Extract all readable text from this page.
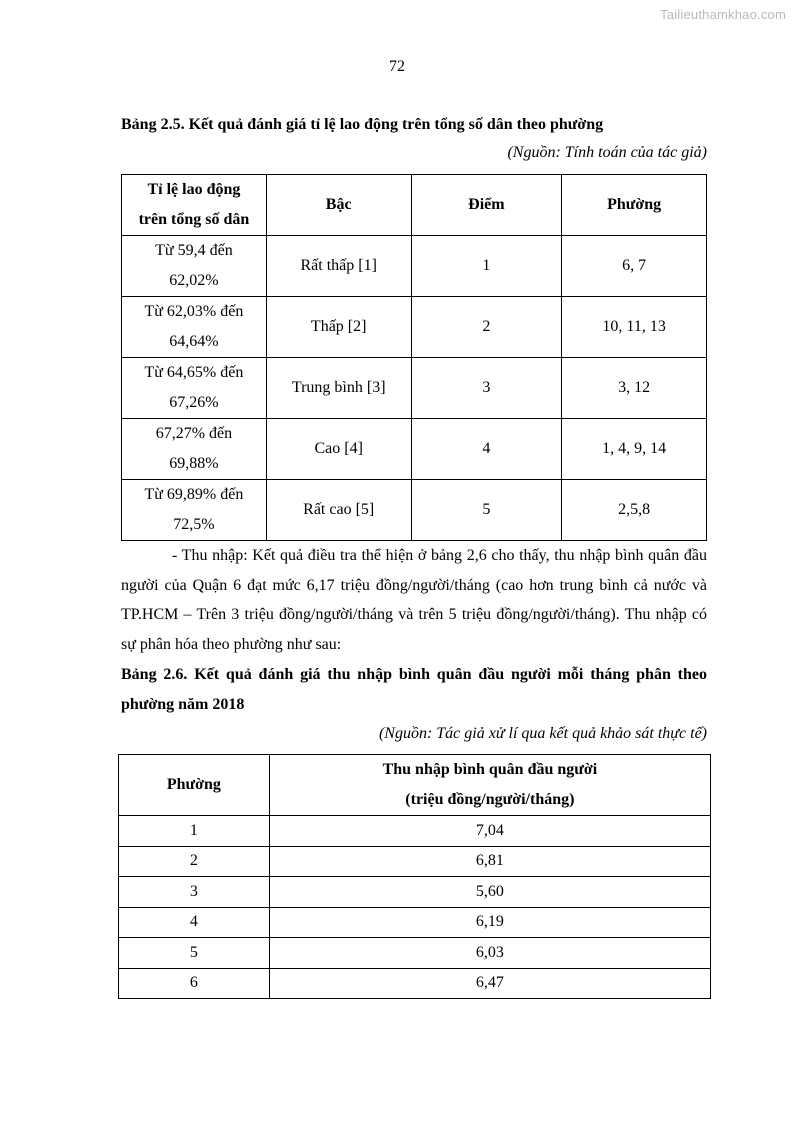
Tailieuthamkhao.com
72
Bảng 2.5. Kết quả đánh giá tỉ lệ lao động trên tổng số dân theo phường
(Nguồn: Tính toán của tác giả)
Tỉ lệ lao động trên tổng số dân	Bậc	Điểm	Phường
Từ 59,4 đến 62,02%	Rất thấp [1]	1	6, 7
Từ 62,03% đến 64,64%	Thấp [2]	2	10, 11, 13
Từ 64,65% đến 67,26%	Trung bình [3]	3	3, 12
67,27% đến 69,88%	Cao [4]	4	1, 4, 9, 14
Từ 69,89% đến 72,5%	Rất cao [5]	5	2,5,8
- Thu nhập: Kết quả điều tra thể hiện ở bảng 2,6 cho thấy, thu nhập bình quân đầu người của Quận 6 đạt mức 6,17 triệu đồng/người/tháng (cao hơn trung bình cả nước và TP.HCM – Trên 3 triệu đồng/người/tháng và trên 5 triệu đồng/người/tháng). Thu nhập có sự phân hóa theo phường như sau:
Bảng 2.6. Kết quả đánh giá thu nhập bình quân đầu người mỗi tháng phân theo phường năm 2018
(Nguồn: Tác giả xử lí qua kết quả khảo sát thực tế)
Phường	Thu nhập bình quân đầu người
(triệu đồng/người/tháng)

1	7,04
2	6,81
3	5,60
4	6,19
5	6,03
6	6,47
